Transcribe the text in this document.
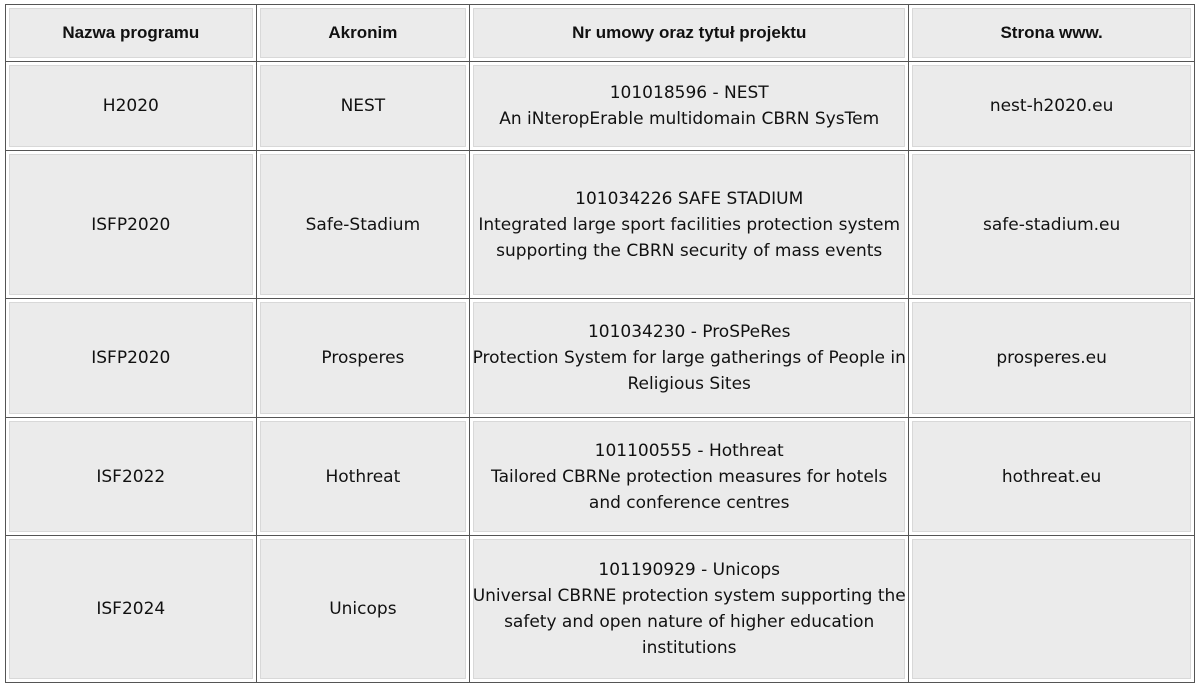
Nazwa programu	Akronim	Nr umowy oraz tytuł projektu	Strona www.

H2020	NEST	101018596 - NEST
An iNteropErable multidomain CBRN SysTem	nest-h2020.eu

ISFP2020	Safe-Stadium	101034226 SAFE STADIUM
Integrated large sport facilities protection system
supporting the CBRN security of mass events	safe-stadium.eu

ISFP2020	Prosperes	101034230 - ProSPeRes
Protection System for large gatherings of People in
Religious Sites	prosperes.eu

ISF2022	Hothreat	101100555 - Hothreat
Tailored CBRNe protection measures for hotels
and conference centres	hothreat.eu

ISF2024	Unicops	101190929 - Unicops
Universal CBRNE protection system supporting the
safety and open nature of higher education
institutions	
